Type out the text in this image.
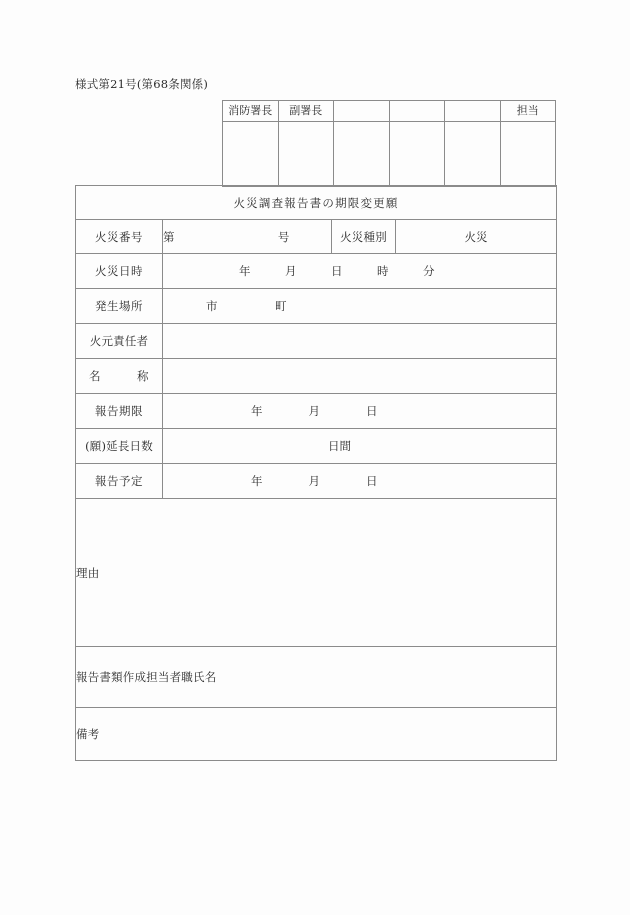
様式第21号(第68条関係)
消防署長	副署長				担当

火災調査報告書の期限変更願			
火災番号	第 号	火災種別	火災
火災日時	年　　　月　　　日　　　時　　　分		
発生場所	市　　　　　町		
火元責任者			
名　　　称			
報告期限	年　　　　月　　　　日		
(願)延長日数	日間		
報告予定	年　　　　月　　　　日		

理由			

報告書類作成担当者職氏名			

備考			
